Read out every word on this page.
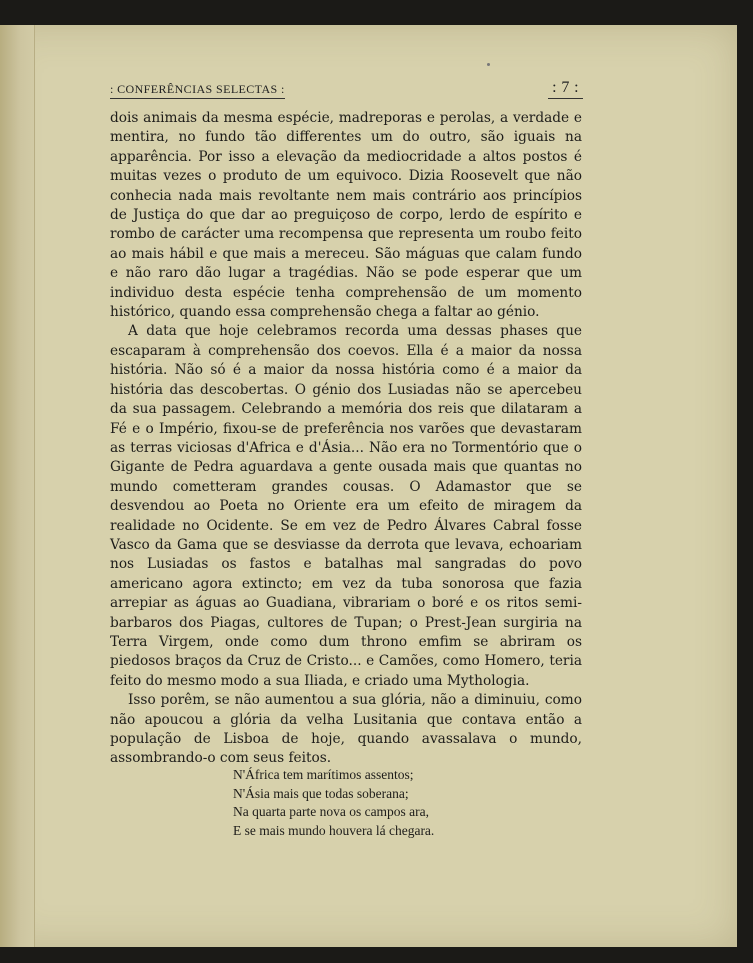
: CONFERÊNCIAS SELECTAS :	: 7 :

dois animais da mesma espécie, madreporas e perolas, a verdade e mentira, no fundo tão differentes um do outro, são iguais na apparência. Por isso a elevação da mediocridade a altos postos é muitas vezes o produto de um equivoco. Dizia Roosevelt que não conhecia nada mais revoltante nem mais contrário aos princípios de Justiça do que dar ao preguiçoso de corpo, lerdo de espírito e rombo de carácter uma recompensa que representa um roubo feito ao mais hábil e que mais a mereceu. São máguas que calam fundo e não raro dão lugar a tragédias. Não se pode esperar que um individuo desta espécie tenha comprehensão de um momento histórico, quando essa comprehensão chega a faltar ao génio.

A data que hoje celebramos recorda uma dessas phases que escaparam à comprehensão dos coevos. Ella é a maior da nossa história. Não só é a maior da nossa história como é a maior da história das descobertas. O génio dos Lusiadas não se apercebeu da sua passagem. Celebrando a memória dos reis que dilataram a Fé e o Império, fixou-se de preferência nos varões que devastaram as terras viciosas d'Africa e d'Ásia... Não era no Tormentório que o Gigante de Pedra aguardava a gente ousada mais que quantas no mundo cometteram grandes cousas. O Adamastor que se desvendou ao Poeta no Oriente era um efeito de miragem da realidade no Ocidente. Se em vez de Pedro Álvares Cabral fosse Vasco da Gama que se desviasse da derrota que levava, echoariam nos Lusiadas os fastos e batalhas mal sangradas do povo americano agora extincto; em vez da tuba sonorosa que fazia arrepiar as águas ao Guadiana, vibrariam o boré e os ritos semi-barbaros dos Piagas, cultores de Tupan; o Prest-Jean surgiria na Terra Virgem, onde como dum throno emfim se abriram os piedosos braços da Cruz de Cristo... e Camões, como Homero, teria feito do mesmo modo a sua Iliada, e criado uma Mythologia.

Isso porêm, se não aumentou a sua glória, não a diminuiu, como não apoucou a glória da velha Lusitania que contava então a população de Lisboa de hoje, quando avassalava o mundo, assombrando-o com seus feitos.

N'África tem marítimos assentos;
N'Ásia mais que todas soberana;
Na quarta parte nova os campos ara,
E se mais mundo houvera lá chegara.
